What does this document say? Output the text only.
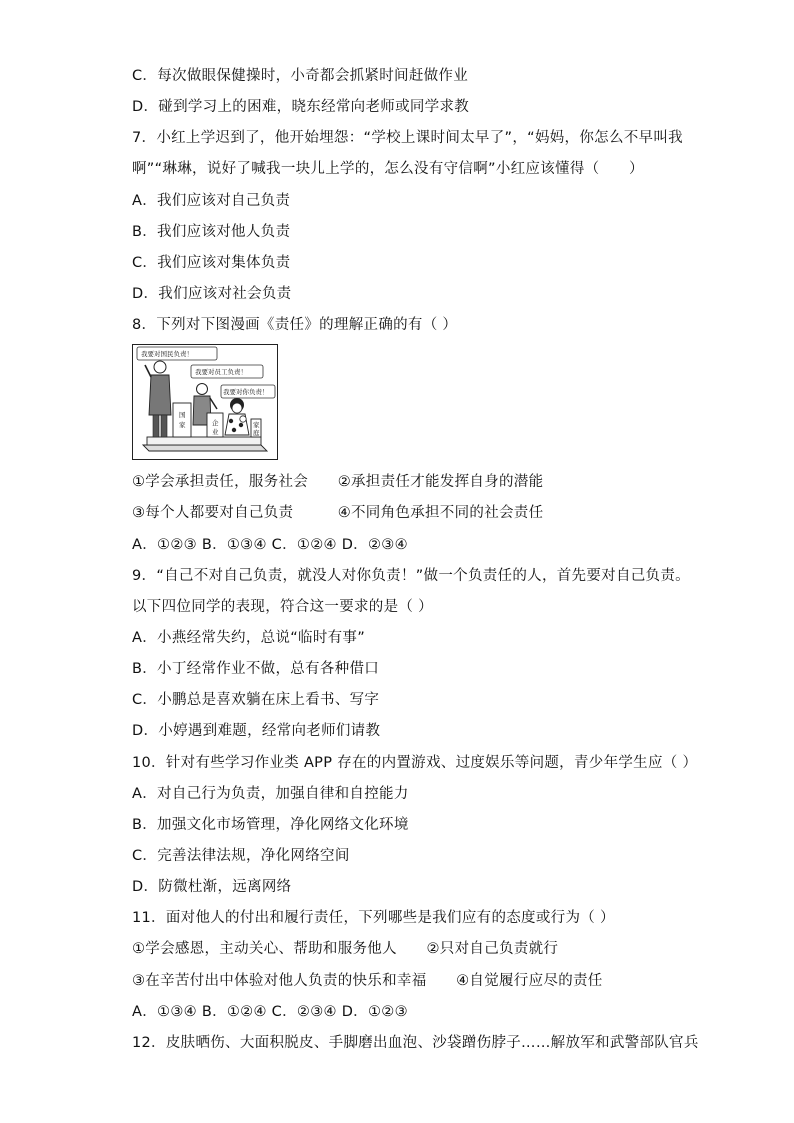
C．每次做眼保健操时，小奇都会抓紧时间赶做作业
D．碰到学习上的困难，晓东经常向老师或同学求教
7．小红上学迟到了，他开始埋怨：“学校上课时间太早了”，“妈妈，你怎么不早叫我
啊”“琳琳，说好了喊我一块儿上学的，怎么没有守信啊”小红应该懂得（　　）
A．我们应该对自己负责
B．我们应该对他人负责
C．我们应该对集体负责
D．我们应该对社会负责
8．下列对下图漫画《责任》的理解正确的有（ ）
我要对国民负责！
我要对员工负责！
我要对你负责！
国
家	企
业
家
庭
①学会承担责任，服务社会　　②承担责任才能发挥自身的潜能
③每个人都要对自己负责　　　④不同角色承担不同的社会责任
A．①②③ B．①③④ C．①②④ D．②③④
9．“自己不对自己负责，就没人对你负责！”做一个负责任的人，首先要对自己负责。
以下四位同学的表现，符合这一要求的是（ ）
A．小燕经常失约，总说“临时有事”
B．小丁经常作业不做，总有各种借口
C．小鹏总是喜欢躺在床上看书、写字
D．小婷遇到难题，经常向老师们请教
10．针对有些学习作业类 APP 存在的内置游戏、过度娱乐等问题，青少年学生应（ ）
A．对自己行为负责，加强自律和自控能力
B．加强文化市场管理，净化网络文化环境
C．完善法律法规，净化网络空间
D．防微杜渐，远离网络
11．面对他人的付出和履行责任，下列哪些是我们应有的态度或行为（ ）
①学会感恩，主动关心、帮助和服务他人　　②只对自己负责就行
③在辛苦付出中体验对他人负责的快乐和幸福　　④自觉履行应尽的责任
A．①③④ B．①②④ C．②③④ D．①②③
12．皮肤晒伤、大面积脱皮、手脚磨出血泡、沙袋蹭伤脖子……解放军和武警部队官兵
